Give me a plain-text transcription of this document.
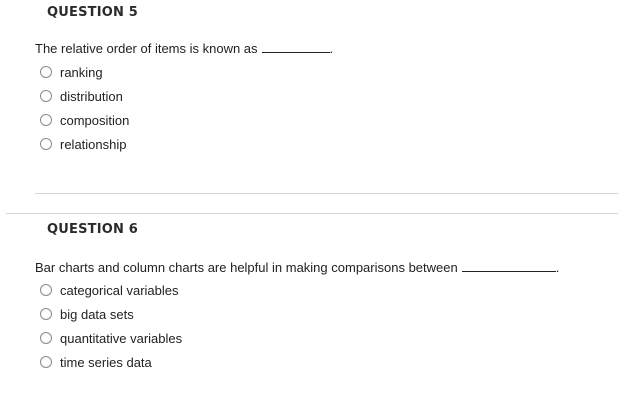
QUESTION 5
The relative order of items is known as	.
ranking
distribution
composition
relationship
QUESTION 6
Bar charts and column charts are helpful in making comparisons between	.
categorical variables
big data sets
quantitative variables
time series data
